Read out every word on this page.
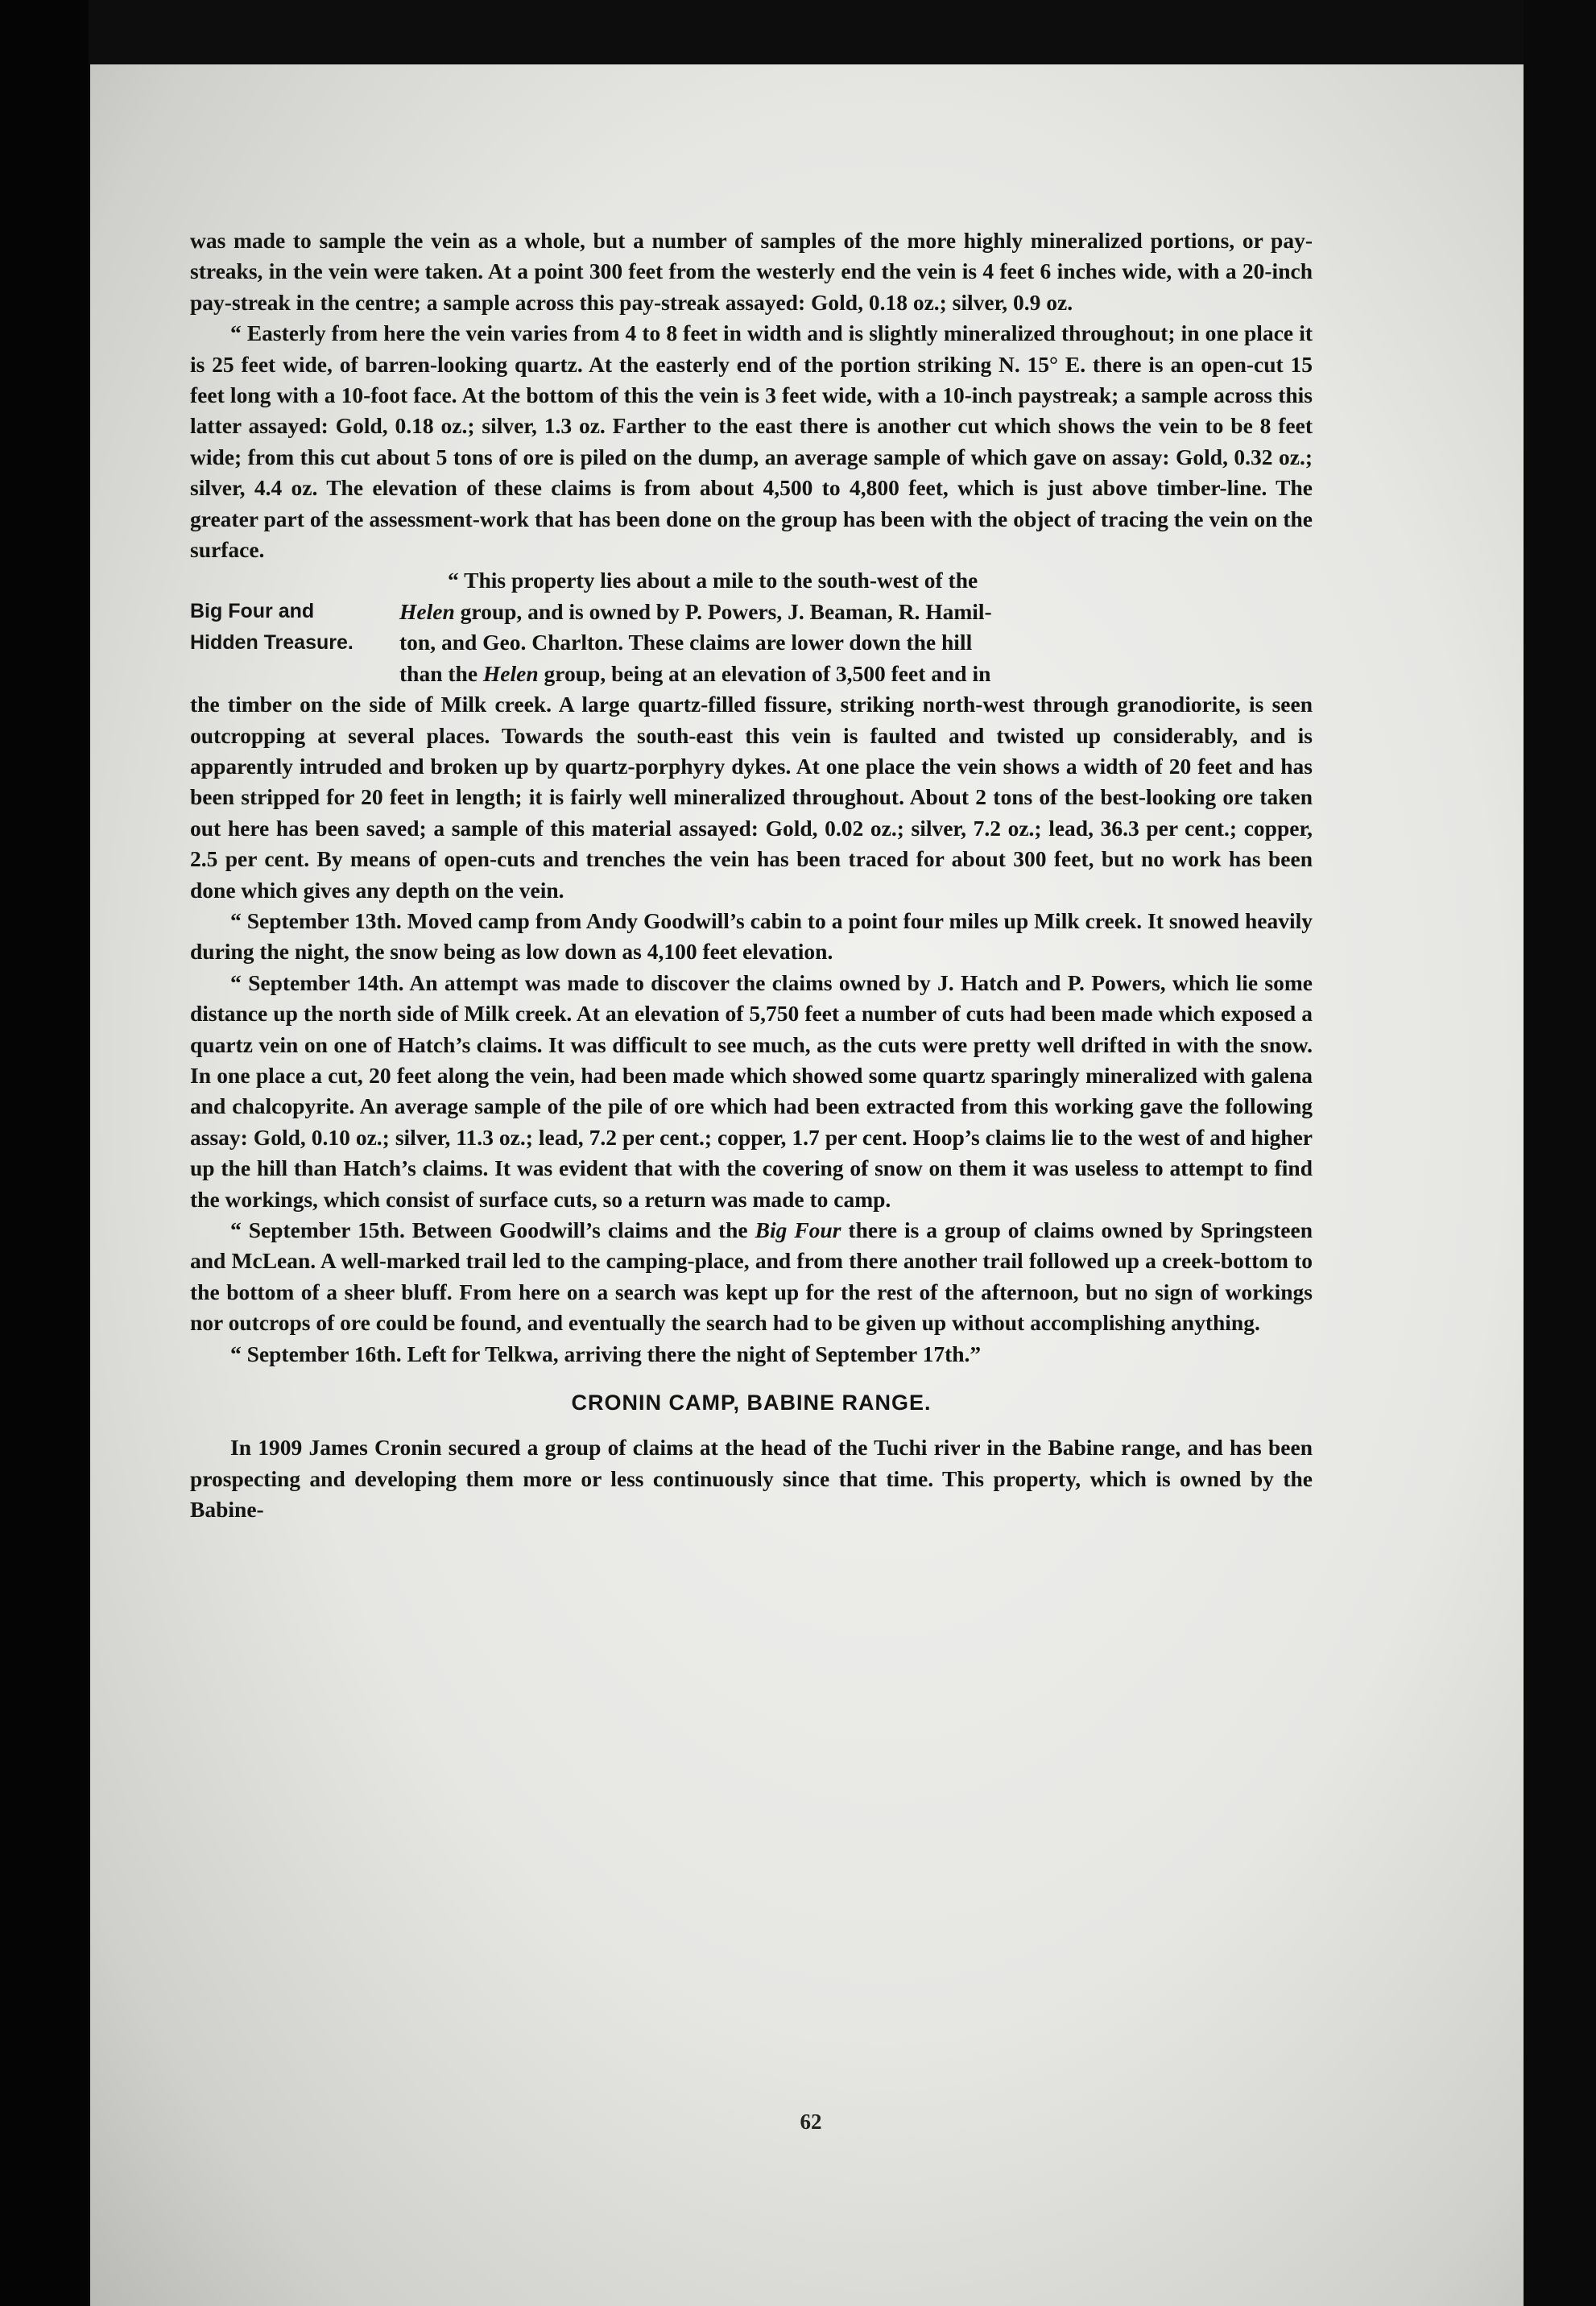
62

was made to sample the vein as a whole, but a number of samples of the more highly mineralized portions, or pay-streaks, in the vein were taken. At a point 300 feet from the westerly end the vein is 4 feet 6 inches wide, with a 20-inch pay-streak in the centre; a sample across this pay-streak assayed: Gold, 0.18 oz.; silver, 0.9 oz.

“ Easterly from here the vein varies from 4 to 8 feet in width and is slightly mineralized throughout; in one place it is 25 feet wide, of barren-looking quartz. At the easterly end of the portion striking N. 15° E. there is an open-cut 15 feet long with a 10-foot face. At the bottom of this the vein is 3 feet wide, with a 10-inch paystreak; a sample across this latter assayed: Gold, 0.18 oz.; silver, 1.3 oz. Farther to the east there is another cut which shows the vein to be 8 feet wide; from this cut about 5 tons of ore is piled on the dump, an average sample of which gave on assay: Gold, 0.32 oz.; silver, 4.4 oz. The elevation of these claims is from about 4,500 to 4,800 feet, which is just above timber-line. The greater part of the assessment-work that has been done on the group has been with the object of tracing the vein on the surface.

Big Four and
Hidden Treasure.
“ This property lies about a mile to the south-west of the
Helen group, and is owned by P. Powers, J. Beaman, R. Hamil-
ton, and Geo. Charlton. These claims are lower down the hill
than the Helen group, being at an elevation of 3,500 feet and in
the timber on the side of Milk creek. A large quartz-filled fissure, striking north-west through granodiorite, is seen outcropping at several places. Towards the south-east this vein is faulted and twisted up considerably, and is apparently intruded and broken up by quartz-porphyry dykes. At one place the vein shows a width of 20 feet and has been stripped for 20 feet in length; it is fairly well mineralized throughout. About 2 tons of the best-looking ore taken out here has been saved; a sample of this material assayed: Gold, 0.02 oz.; silver, 7.2 oz.; lead, 36.3 per cent.; copper, 2.5 per cent. By means of open-cuts and trenches the vein has been traced for about 300 feet, but no work has been done which gives any depth on the vein.

“ September 13th. Moved camp from Andy Goodwill’s cabin to a point four miles up Milk creek. It snowed heavily during the night, the snow being as low down as 4,100 feet elevation.

“ September 14th. An attempt was made to discover the claims owned by J. Hatch and P. Powers, which lie some distance up the north side of Milk creek. At an elevation of 5,750 feet a number of cuts had been made which exposed a quartz vein on one of Hatch’s claims. It was difficult to see much, as the cuts were pretty well drifted in with the snow. In one place a cut, 20 feet along the vein, had been made which showed some quartz sparingly mineralized with galena and chalcopyrite. An average sample of the pile of ore which had been extracted from this working gave the following assay: Gold, 0.10 oz.; silver, 11.3 oz.; lead, 7.2 per cent.; copper, 1.7 per cent. Hoop’s claims lie to the west of and higher up the hill than Hatch’s claims. It was evident that with the covering of snow on them it was useless to attempt to find the workings, which consist of surface cuts, so a return was made to camp.

“ September 15th. Between Goodwill’s claims and the Big Four there is a group of claims owned by Springsteen and McLean. A well-marked trail led to the camping-place, and from there another trail followed up a creek-bottom to the bottom of a sheer bluff. From here on a search was kept up for the rest of the afternoon, but no sign of workings nor outcrops of ore could be found, and eventually the search had to be given up without accomplishing anything.

“ September 16th. Left for Telkwa, arriving there the night of September 17th.”

CRONIN CAMP, BABINE RANGE.

In 1909 James Cronin secured a group of claims at the head of the Tuchi river in the Babine range, and has been prospecting and developing them more or less continuously since that time. This property, which is owned by the Babine-
